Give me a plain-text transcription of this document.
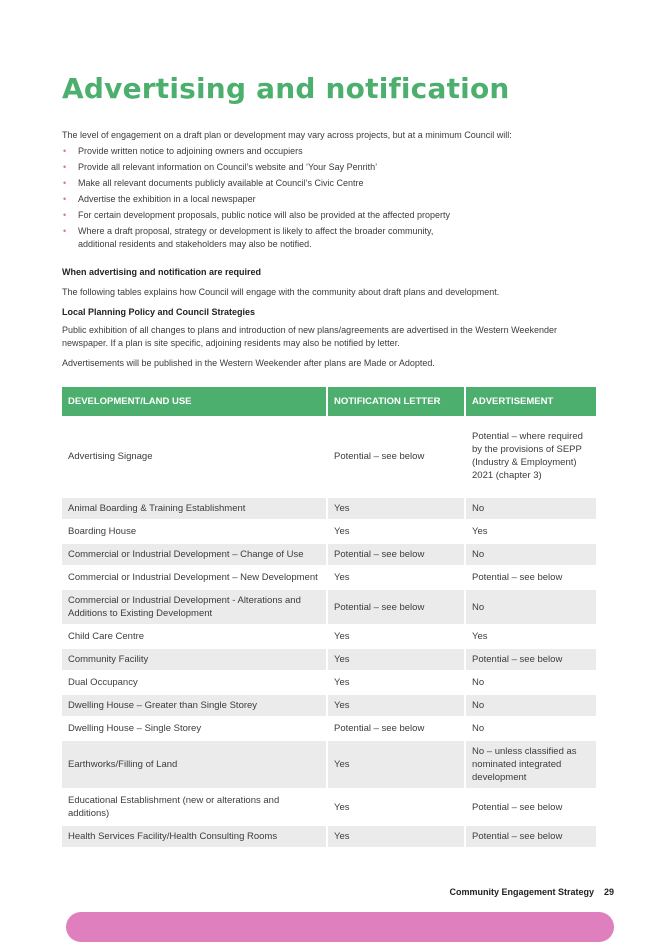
Advertising and notification

The level of engagement on a draft plan or development may vary across projects, but at a minimum Council will:

• Provide written notice to adjoining owners and occupiers
• Provide all relevant information on Council’s website and ‘Your Say Penrith’
• Make all relevant documents publicly available at Council’s Civic Centre
• Advertise the exhibition in a local newspaper
• For certain development proposals, public notice will also be provided at the affected property
• Where a draft proposal, strategy or development is likely to affect the broader community, additional residents and stakeholders may also be notified.

When advertising and notification are required

The following tables explains how Council will engage with the community about draft plans and development.

Local Planning Policy and Council Strategies

Public exhibition of all changes to plans and introduction of new plans/agreements are advertised in the Western Weekender newspaper. If a plan is site specific, adjoining residents may also be notified by letter.

Advertisements will be published in the Western Weekender after plans are Made or Adopted.

DEVELOPMENT/LAND USE	NOTIFICATION LETTER	ADVERTISEMENT
Advertising Signage	Potential – see below	Potential – where required by the provisions of SEPP (Industry & Employment) 2021 (chapter 3)
Animal Boarding & Training Establishment	Yes	No
Boarding House	Yes	Yes
Commercial or Industrial Development – Change of Use	Potential – see below	No
Commercial or Industrial Development – New Development	Yes	Potential – see below
Commercial or Industrial Development - Alterations and Additions to Existing Development	Potential – see below	No
Child Care Centre	Yes	Yes
Community Facility	Yes	Potential – see below
Dual Occupancy	Yes	No
Dwelling House – Greater than Single Storey	Yes	No
Dwelling House – Single Storey	Potential – see below	No
Earthworks/Filling of Land	Yes	No – unless classified as nominated integrated development
Educational Establishment (new or alterations and additions)	Yes	Potential – see below
Health Services Facility/Health Consulting Rooms	Yes	Potential – see below
Community Engagement Strategy 29
